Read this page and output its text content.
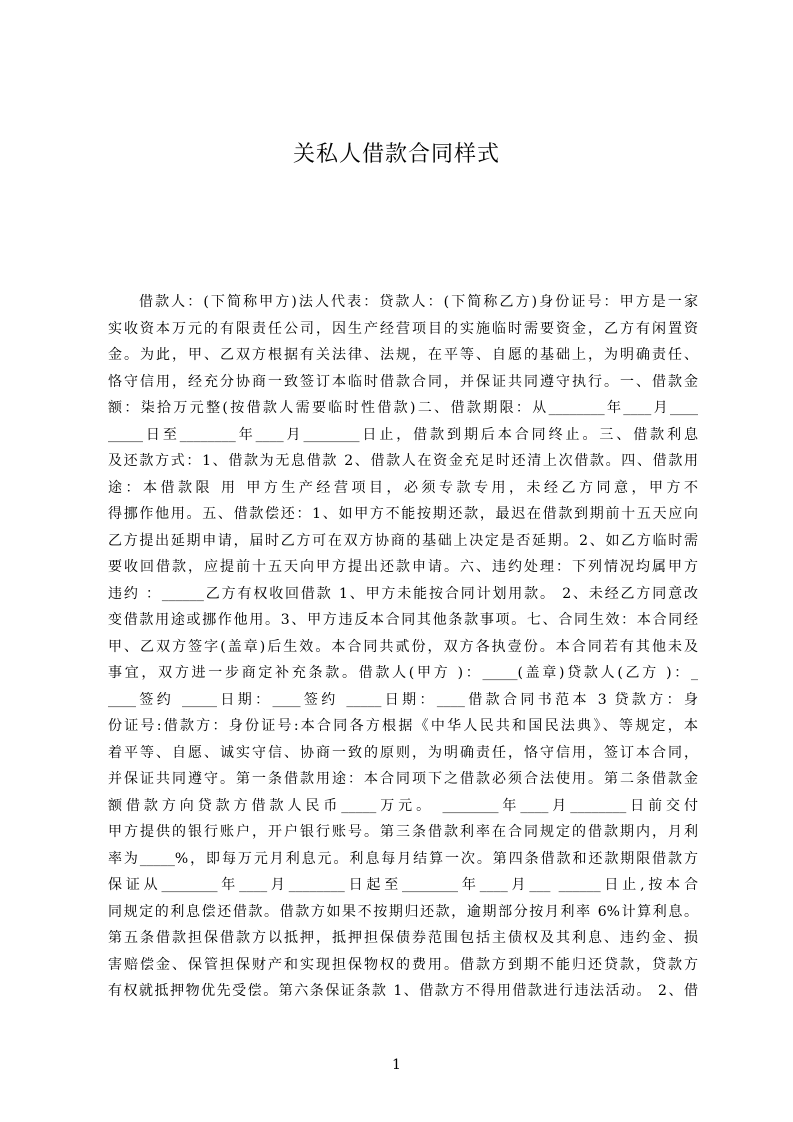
关私人借款合同样式
借款人：(下简称甲方)法人代表：贷款人：(下简称乙方)身份证号：甲方是一家
实收资本万元的有限责任公司，因生产经营项目的实施临时需要资金，乙方有闲置资
金。为此，甲、乙双方根据有关法律、法规，在平等、自愿的基础上，为明确责任、
恪守信用，经充分协商一致签订本临时借款合同，并保证共同遵守执行。一、借款金
额：柒拾万元整(按借款人需要临时性借款)二、借款期限：从________年____月____
_____日至________年____月________日止，借款到期后本合同终止。三、借款利息
及还款方式：1、借款为无息借款 2、借款人在资金充足时还清上次借款。四、借款用
途：本借款限 用 甲方生产经营项目，必须专款专用，未经乙方同意，甲方不
得挪作他用。五、借款偿还：1、如甲方不能按期还款，最迟在借款到期前十五天应向
乙方提出延期申请，届时乙方可在双方协商的基础上决定是否延期。2、如乙方临时需
要收回借款，应提前十五天向甲方提出还款申请。六、违约处理：下列情况均属甲方
违约 ：______乙方有权收回借款 1、甲方未能按合同计划用款。 2、未经乙方同意改
变借款用途或挪作他用。3、甲方违反本合同其他条款事项。七、合同生效：本合同经
甲、乙双方签字(盖章)后生效。本合同共贰份，双方各执壹份。本合同若有其他未及
事宜，双方进一步商定补充条款。借款人(甲方 )：_____(盖章)贷款人(乙方 )：_
____签约 _____日期：____签约 _____日期：____借款合同书范本 3 贷款方：身
份证号:借款方：身份证号:本合同各方根据《中华人民共和国民法典》、等规定，本
着平等、自愿、诚实守信、协商一致的原则，为明确责任，恪守信用，签订本合同，
并保证共同遵守。第一条借款用途：本合同项下之借款必须合法使用。第二条借款金
额借款方向贷款方借款人民币_____万元。 ________年____月________日前交付
甲方提供的银行账户，开户银行账号。第三条借款利率在合同规定的借款期内，月利
率为_____%，即每万元月利息元。利息每月结算一次。第四条借款和还款期限借款方
保证从________年____月________日起至________年____月___ ______日止,按本合
同规定的利息偿还借款。借款方如果不按期归还款，逾期部分按月利率 6%计算利息。
第五条借款担保借款方以抵押，抵押担保债券范围包括主债权及其利息、违约金、损
害赔偿金、保管担保财产和实现担保物权的费用。借款方到期不能归还贷款，贷款方
有权就抵押物优先受偿。第六条保证条款 1、借款方不得用借款进行违法活动。 2、借
1
